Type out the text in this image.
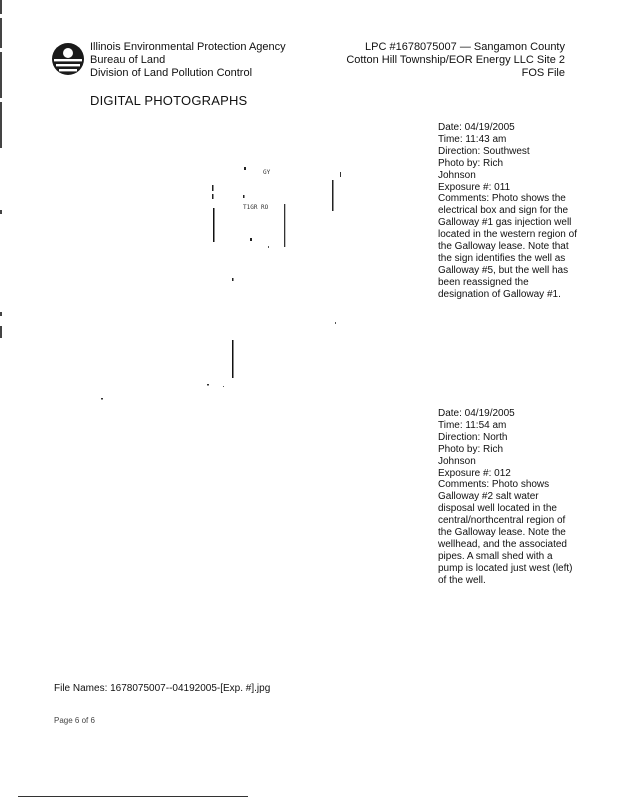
Illinois Environmental Protection Agency
Bureau of Land
Division of Land Pollution Control
LPC #1678075007 — Sangamon County
Cotton Hill Township/EOR Energy LLC Site 2
FOS File
DIGITAL PHOTOGRAPHS
GY
T1GR RO
Date: 04/19/2005
Time: 11:43 am
Direction: Southwest
Photo by: Rich
Johnson
Exposure #: 011
Comments: Photo shows the electrical box and sign for the Galloway #1 gas injection well located in the western region of the Galloway lease. Note that the sign identifies the well as Galloway #5, but the well has been reassigned the designation of Galloway #1.
Date: 04/19/2005
Time: 11:54 am
Direction: North
Photo by: Rich
Johnson
Exposure #: 012
Comments: Photo shows Galloway #2 salt water disposal well located in the central/northcentral region of the Galloway lease. Note the wellhead, and the associated pipes. A small shed with a pump is located just west (left) of the well.
File Names: 1678075007--04192005-[Exp. #].jpg
Page 6 of 6
